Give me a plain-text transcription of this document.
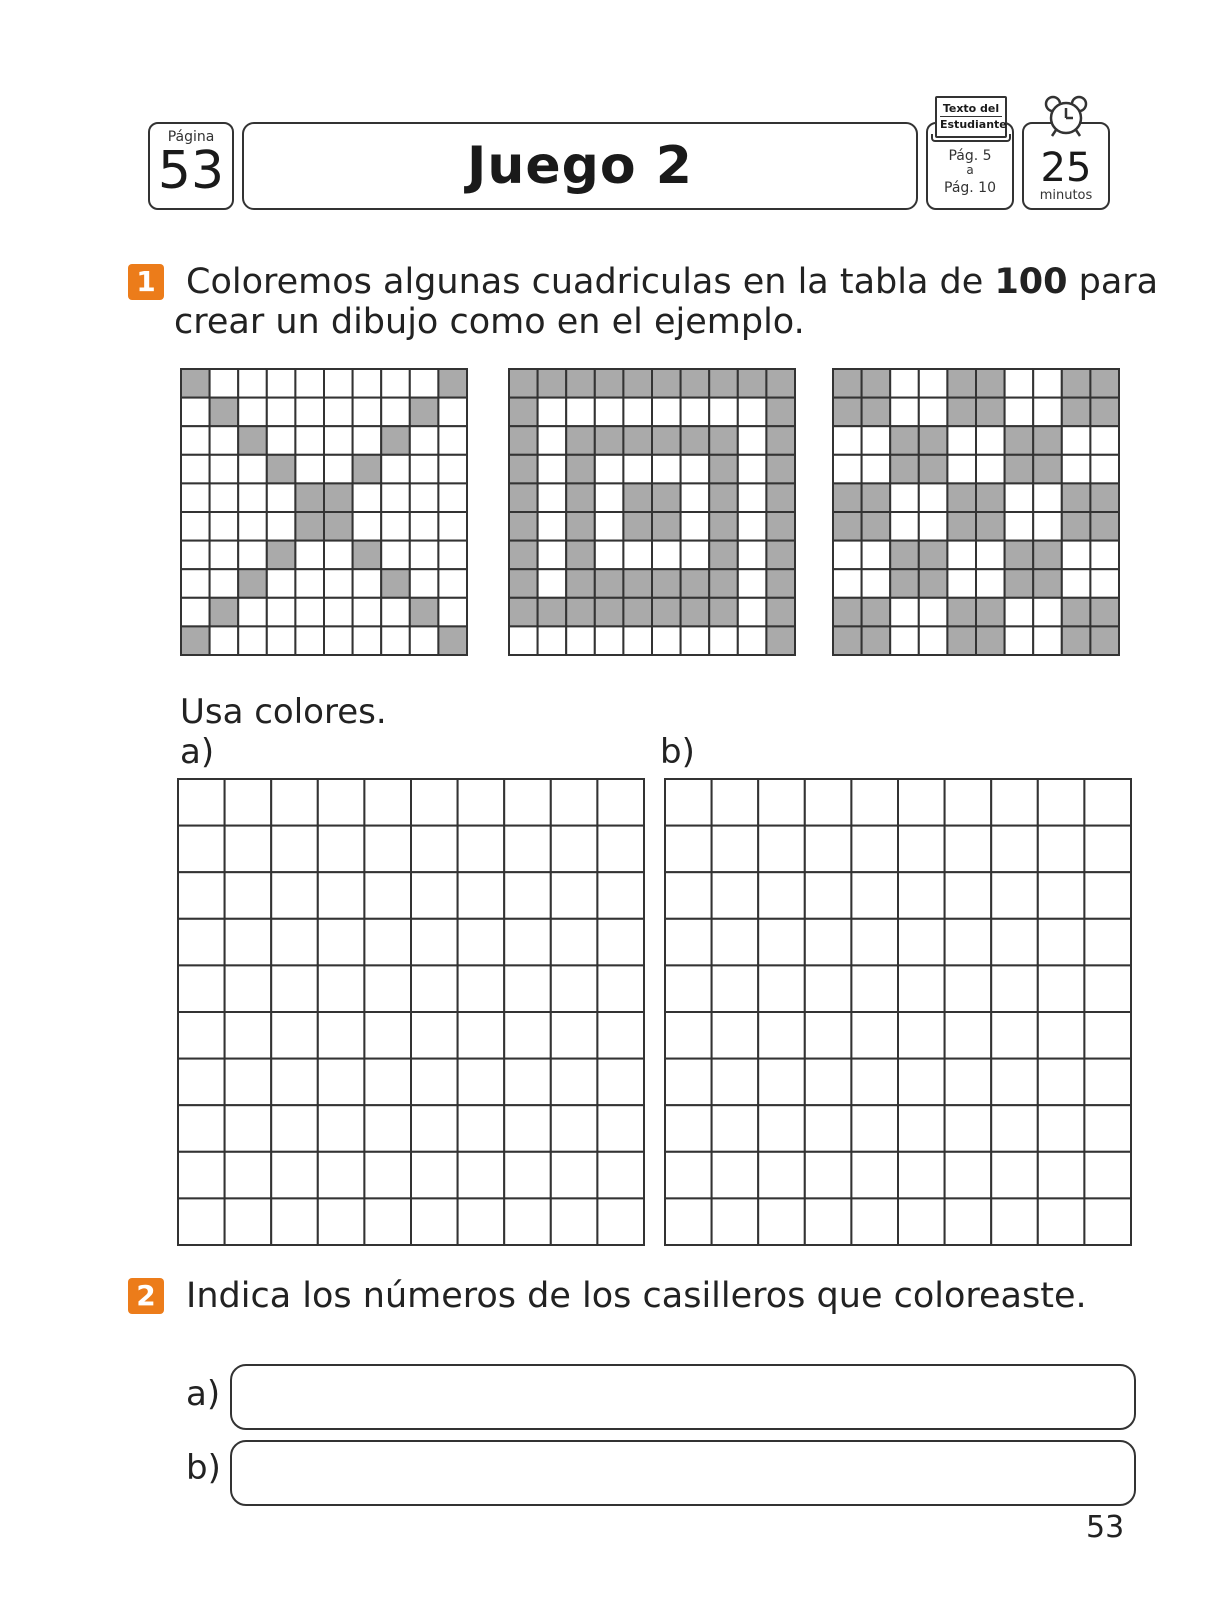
Página
53	Juego 2	Pág. 5
a
Pág. 10
Texto del
Estudiante
25
minutos
1 Coloremos algunas cuadriculas en la tabla de 100 para
crear un dibujo como en el ejemplo.
Usa colores.
a)	b)
2 Indica los números de los casilleros que coloreaste.
a)
b)
53
